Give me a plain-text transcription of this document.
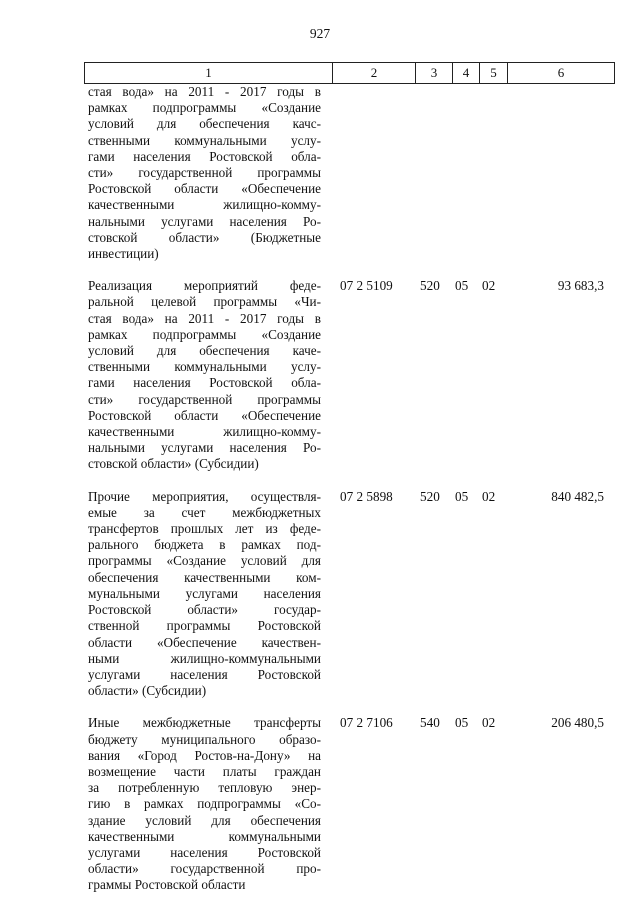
927
1	2	3	4	5	6
стая вода» на 2011 - 2017 годы в
рамках подпрограммы «Создание
условий для обеспечения качс-
ственными коммунальными услу-
гами населения Ростовской обла-
сти» государственной программы
Ростовской области «Обеспечение
качественными жилищно-комму-
нальными услугами населения Ро-
стовской области» (Бюджетные
инвестиции)
Реализация мероприятий феде-
ральной целевой программы «Чи-
стая вода» на 2011 - 2017 годы в
рамках подпрограммы «Создание
условий для обеспечения каче-
ственными коммунальными услу-
гами населения Ростовской обла-
сти» государственной программы
Ростовской области «Обеспечение
качественными жилищно-комму-
нальными услугами населения Ро-
стовской области» (Субсидии)
07 2 5109 520 05 02	93 683,3
Прочие мероприятия, осуществля-
емые за счет межбюджетных
трансфертов прошлых лет из феде-
рального бюджета в рамках под-
программы «Создание условий для
обеспечения качественными ком-
мунальными услугами населения
Ростовской области» государ-
ственной программы Ростовской
области «Обеспечение качествен-
ными жилищно-коммунальными
услугами населения Ростовской
области» (Субсидии)
07 2 5898 520 05 02	840 482,5
Иные межбюджетные трансферты
бюджету муниципального образо-
вания «Город Ростов-на-Дону» на
возмещение части платы граждан
за потребленную тепловую энер-
гию в рамках подпрограммы «Со-
здание условий для обеспечения
качественными коммунальными
услугами населения Ростовской
области» государственной про-
граммы Ростовской области
07 2 7106 540 05 02	206 480,5
